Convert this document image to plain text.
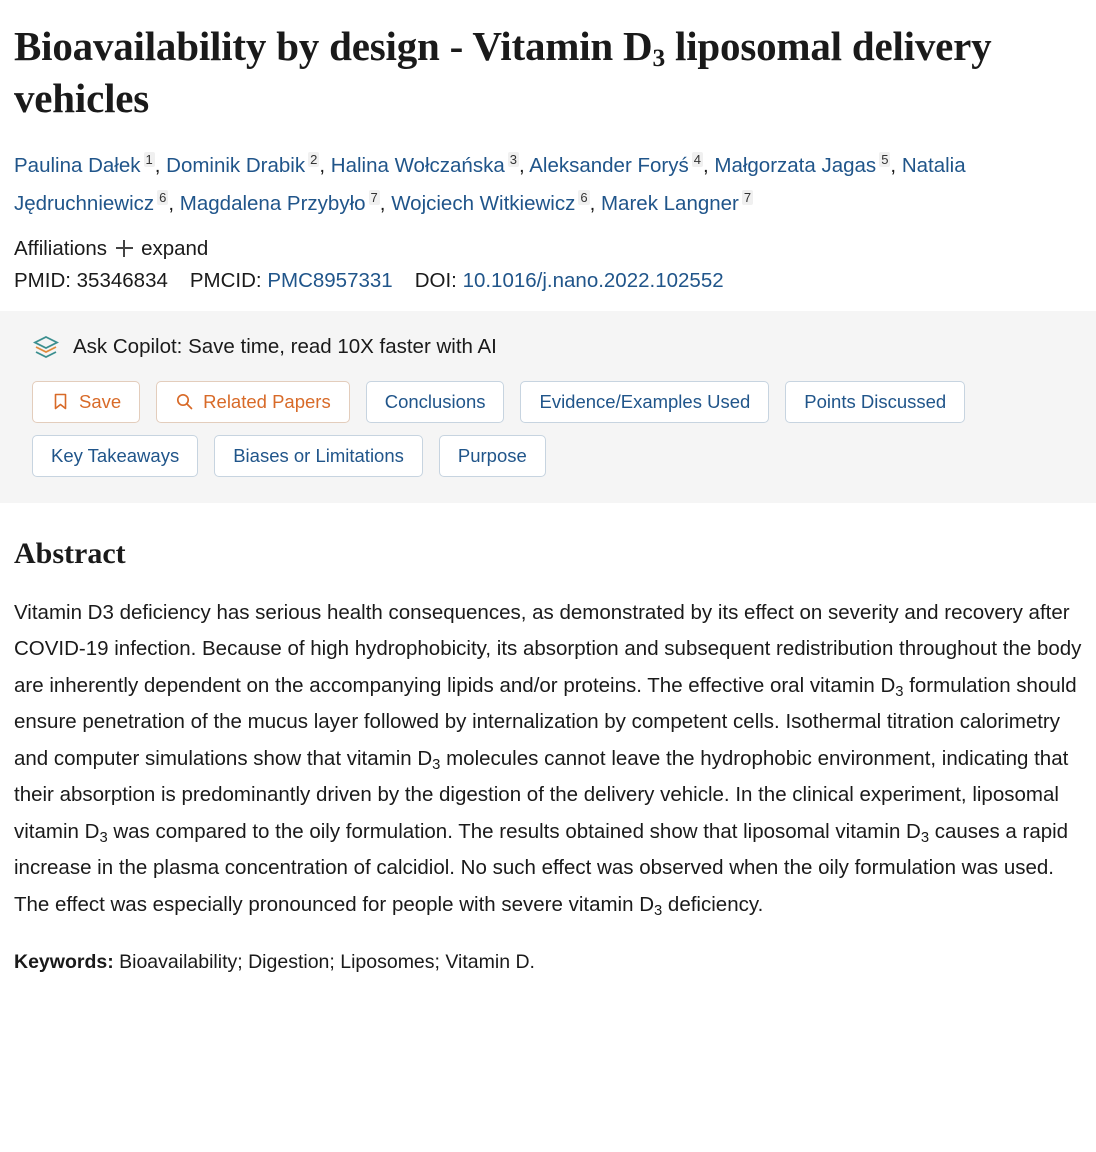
Bioavailability by design - Vitamin $D_3$ liposomal delivery vehicles
Paulina Dałek $^1$, Dominik Drabik $^2$, Halina Wołczańska $^3$, Aleksander Foryś $^4$, Małgorzata Jagas $^5$, Natalia Jędruchniewicz $^6$, Magdalena Przybyło $^7$, Wojciech Witkiewicz $^6$, Marek Langner $^7$
Affiliations expand
PMID: 35346834 PMCID: PMC8957331 DOI: 10.1016/j.nano.2022.102552
Ask Copilot: Save time, read 10X faster with AI
Save	Related Papers	Conclusions	Evidence/Examples Used	Points Discussed
Key Takeaways	Biases or Limitations	Purpose
Abstract

Vitamin D3 deficiency has serious health consequences, as demonstrated by its effect on severity and recovery after COVID-19 infection. Because of high hydrophobicity, its absorption and subsequent redistribution throughout the body are inherently dependent on the accompanying lipids and/or proteins. The effective oral vitamin $D_3$ formulation should ensure penetration of the mucus layer followed by internalization by competent cells. Isothermal titration calorimetry and computer simulations show that vitamin $D_3$ molecules cannot leave the hydrophobic environment, indicating that their absorption is predominantly driven by the digestion of the delivery vehicle. In the clinical experiment, liposomal vitamin $D_3$ was compared to the oily formulation. The results obtained show that liposomal vitamin $D_3$ causes a rapid increase in the plasma concentration of calcidiol. No such effect was observed when the oily formulation was used. The effect was especially pronounced for people with severe vitamin $D_3$ deficiency.

Keywords: Bioavailability; Digestion; Liposomes; Vitamin D.
